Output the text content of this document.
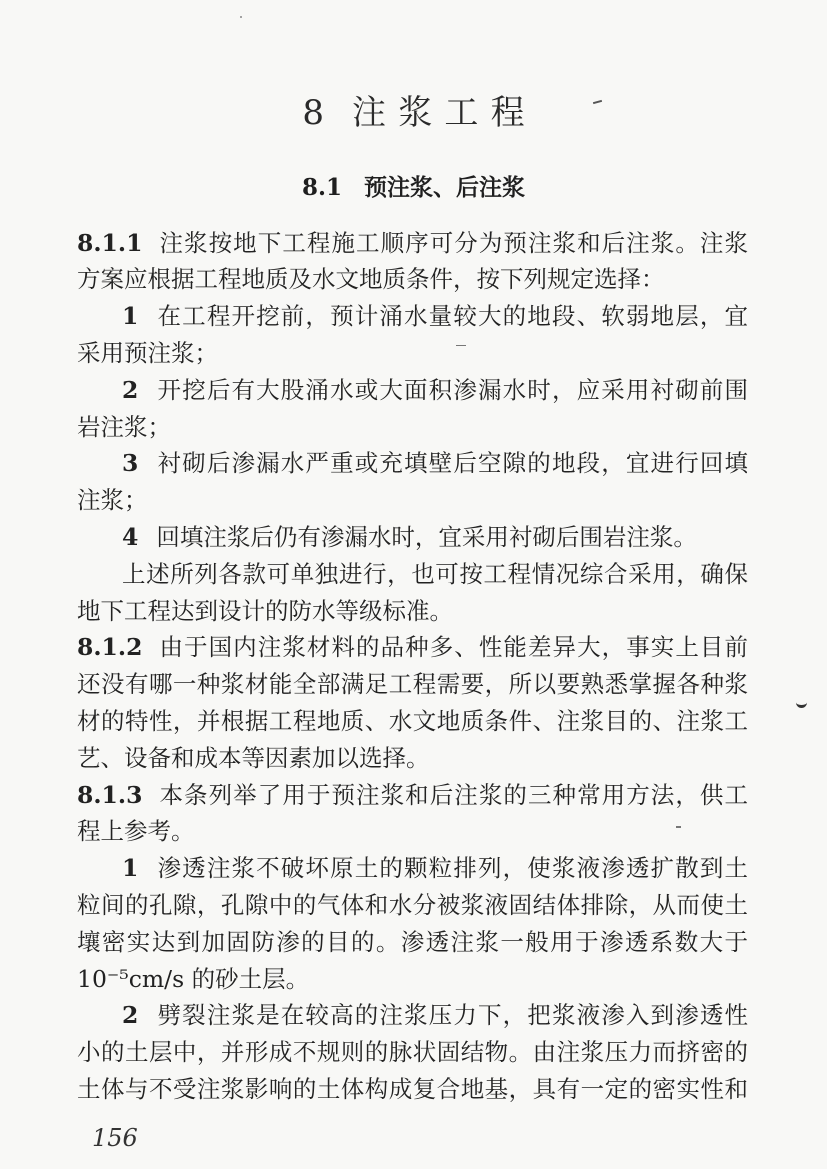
8 注浆工程
8.1 预注浆、后注浆
8.1.1 注浆按地下工程施工顺序可分为预注浆和后注浆。注浆
方案应根据工程地质及水文地质条件，按下列规定选择：
1 在工程开挖前，预计涌水量较大的地段、软弱地层，宜
采用预注浆；
2 开挖后有大股涌水或大面积渗漏水时，应采用衬砌前围
岩注浆；
3 衬砌后渗漏水严重或充填壁后空隙的地段，宜进行回填
注浆；
4 回填注浆后仍有渗漏水时，宜采用衬砌后围岩注浆。
上述所列各款可单独进行，也可按工程情况综合采用，确保
地下工程达到设计的防水等级标准。
8.1.2 由于国内注浆材料的品种多、性能差异大，事实上目前
还没有哪一种浆材能全部满足工程需要，所以要熟悉掌握各种浆
材的特性，并根据工程地质、水文地质条件、注浆目的、注浆工
艺、设备和成本等因素加以选择。
8.1.3 本条列举了用于预注浆和后注浆的三种常用方法，供工
程上参考。
1 渗透注浆不破坏原土的颗粒排列，使浆液渗透扩散到土
粒间的孔隙，孔隙中的气体和水分被浆液固结体排除，从而使土
壤密实达到加固防渗的目的。渗透注浆一般用于渗透系数大于
10⁻⁵cm/s 的砂土层。
2 劈裂注浆是在较高的注浆压力下，把浆液渗入到渗透性
小的土层中，并形成不规则的脉状固结物。由注浆压力而挤密的
土体与不受注浆影响的土体构成复合地基，具有一定的密实性和
156
